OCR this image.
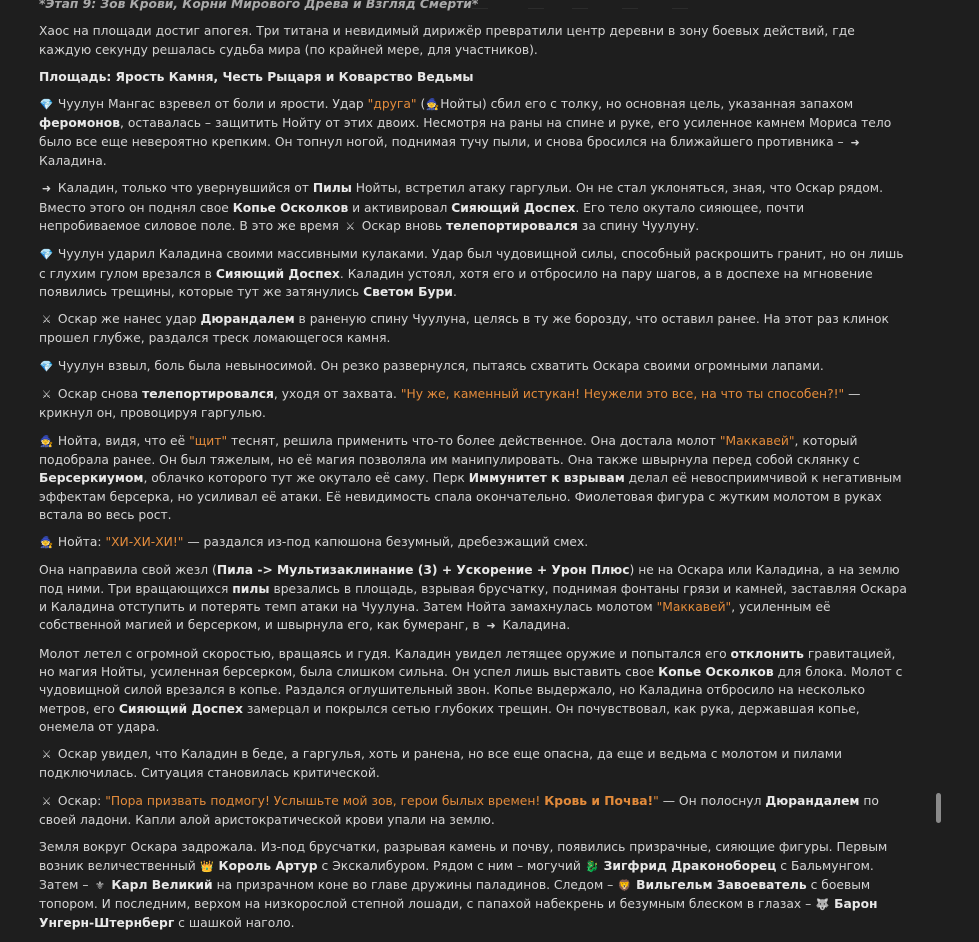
*Этап 9: Зов Крови, Корни Мирового Древа и Взгляд Смерти*

Хаос на площади достиг апогея. Три титана и невидимый дирижёр превратили центр деревни в зону боевых действий, где каждую секунду решалась судьба мира (по крайней мере, для участников).

Площадь: Ярость Камня, Честь Рыцаря и Коварство Ведьмы

💎 Чуулун Мангас взревел от боли и ярости. Удар "друга" (🧙Нойты) сбил его с толку, но основная цель, указанная запахом феромонов, оставалась – защитить Нойту от этих двоих. Несмотря на раны на спине и руке, его усиленное камнем Мориса тело было все еще невероятно крепким. Он топнул ногой, поднимая тучу пыли, и снова бросился на ближайшего противника – ➜ Каладина.

➜ Каладин, только что увернувшийся от Пилы Нойты, встретил атаку гаргульи. Он не стал уклоняться, зная, что Оскар рядом. Вместо этого он поднял свое Копье Осколков и активировал Сияющий Доспех. Его тело окутало сияющее, почти непробиваемое силовое поле. В это же время ⚔ Оскар вновь телепортировался за спину Чуулуну.

💎 Чуулун ударил Каладина своими массивными кулаками. Удар был чудовищной силы, способный раскрошить гранит, но он лишь с глухим гулом врезался в Сияющий Доспех. Каладин устоял, хотя его и отбросило на пару шагов, а в доспехе на мгновение появились трещины, которые тут же затянулись Светом Бури.

⚔ Оскар же нанес удар Дюрандалем в раненую спину Чуулуна, целясь в ту же борозду, что оставил ранее. На этот раз клинок прошел глубже, раздался треск ломающегося камня.

💎 Чуулун взвыл, боль была невыносимой. Он резко развернулся, пытаясь схватить Оскара своими огромными лапами.

⚔ Оскар снова телепортировался, уходя от захвата. "Ну же, каменный истукан! Неужели это все, на что ты способен?!" — крикнул он, провоцируя гаргулью.

🧙 Нойта, видя, что её "щит" теснят, решила применить что-то более действенное. Она достала молот "Маккавей", который подобрала ранее. Он был тяжелым, но её магия позволяла им манипулировать. Она также швырнула перед собой склянку с Берсеркиумом, облачко которого тут же окутало её саму. Перк Иммунитет к взрывам делал её невосприимчивой к негативным эффектам берсерка, но усиливал её атаки. Её невидимость спала окончательно. Фиолетовая фигура с жутким молотом в руках встала во весь рост.

🧙 Нойта: "ХИ-ХИ-ХИ!" — раздался из-под капюшона безумный, дребезжащий смех.

Она направила свой жезл (Пила -> Мультизаклинание (3) + Ускорение + Урон Плюс) не на Оскара или Каладина, а на землю под ними. Три вращающихся пилы врезались в площадь, взрывая брусчатку, поднимая фонтаны грязи и камней, заставляя Оскара и Каладина отступить и потерять темп атаки на Чуулуна. Затем Нойта замахнулась молотом "Маккавей", усиленным её собственной магией и берсерком, и швырнула его, как бумеранг, в ➜ Каладина.

Молот летел с огромной скоростью, вращаясь и гудя. Каладин увидел летящее оружие и попытался его отклонить гравитацией, но магия Нойты, усиленная берсерком, была слишком сильна. Он успел лишь выставить свое Копье Осколков для блока. Молот с чудовищной силой врезался в копье. Раздался оглушительный звон. Копье выдержало, но Каладина отбросило на несколько метров, его Сияющий Доспех замерцал и покрылся сетью глубоких трещин. Он почувствовал, как рука, державшая копье, онемела от удара.

⚔ Оскар увидел, что Каладин в беде, а гаргулья, хоть и ранена, но все еще опасна, да еще и ведьма с молотом и пилами подключилась. Ситуация становилась критической.

⚔ Оскар: "Пора призвать подмогу! Услышьте мой зов, герои былых времен! Кровь и Почва!" — Он полоснул Дюрандалем по своей ладони. Капли алой аристократической крови упали на землю.

Земля вокруг Оскара задрожала. Из-под брусчатки, разрывая камень и почву, появились призрачные, сияющие фигуры. Первым возник величественный 👑 Король Артур с Экскалибуром. Рядом с ним – могучий 🐉 Зигфрид Драконоборец с Бальмунгом. Затем – ⚜ Карл Великий на призрачном коне во главе дружины паладинов. Следом – 🦁 Вильгельм Завоеватель с боевым топором. И последним, верхом на низкорослой степной лошади, с папахой набекрень и безумным блеском в глазах – 🐺 Барон Унгерн-Штернберг с шашкой наголо.
